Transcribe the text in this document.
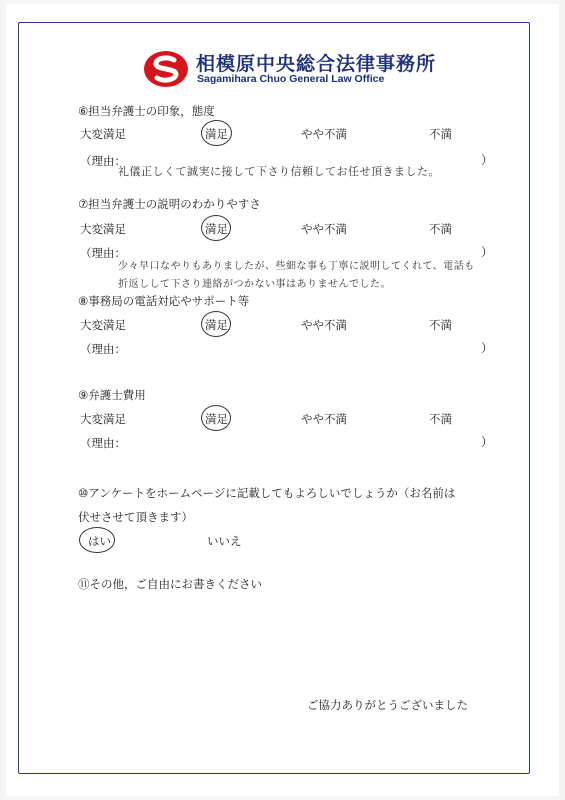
相模原中央総合法律事務所
Sagamihara Chuo General Law Office
⑥担当弁護士の印象，態度
大変満足	満足	やや不満	不満
（理由：	）
礼儀正しくて誠実に接して下さり信頼してお任せ頂きました。
⑦担当弁護士の説明のわかりやすさ
大変満足	満足	やや不満	不満
（理由：	）
少々早口なやりもありましたが、些細な事も丁寧に説明してくれて、電話も
折返しして下さり連絡がつかない事はありませんでした。
⑧事務局の電話対応やサポート等
大変満足	満足	やや不満	不満
（理由：	）
⑨弁護士費用
大変満足	満足	やや不満	不満
（理由：	）
⑩アンケートをホームページに記載してもよろしいでしょうか（お名前は
伏せさせて頂きます）
はい	いいえ
⑪その他，ご自由にお書きください
ご協力ありがとうございました
